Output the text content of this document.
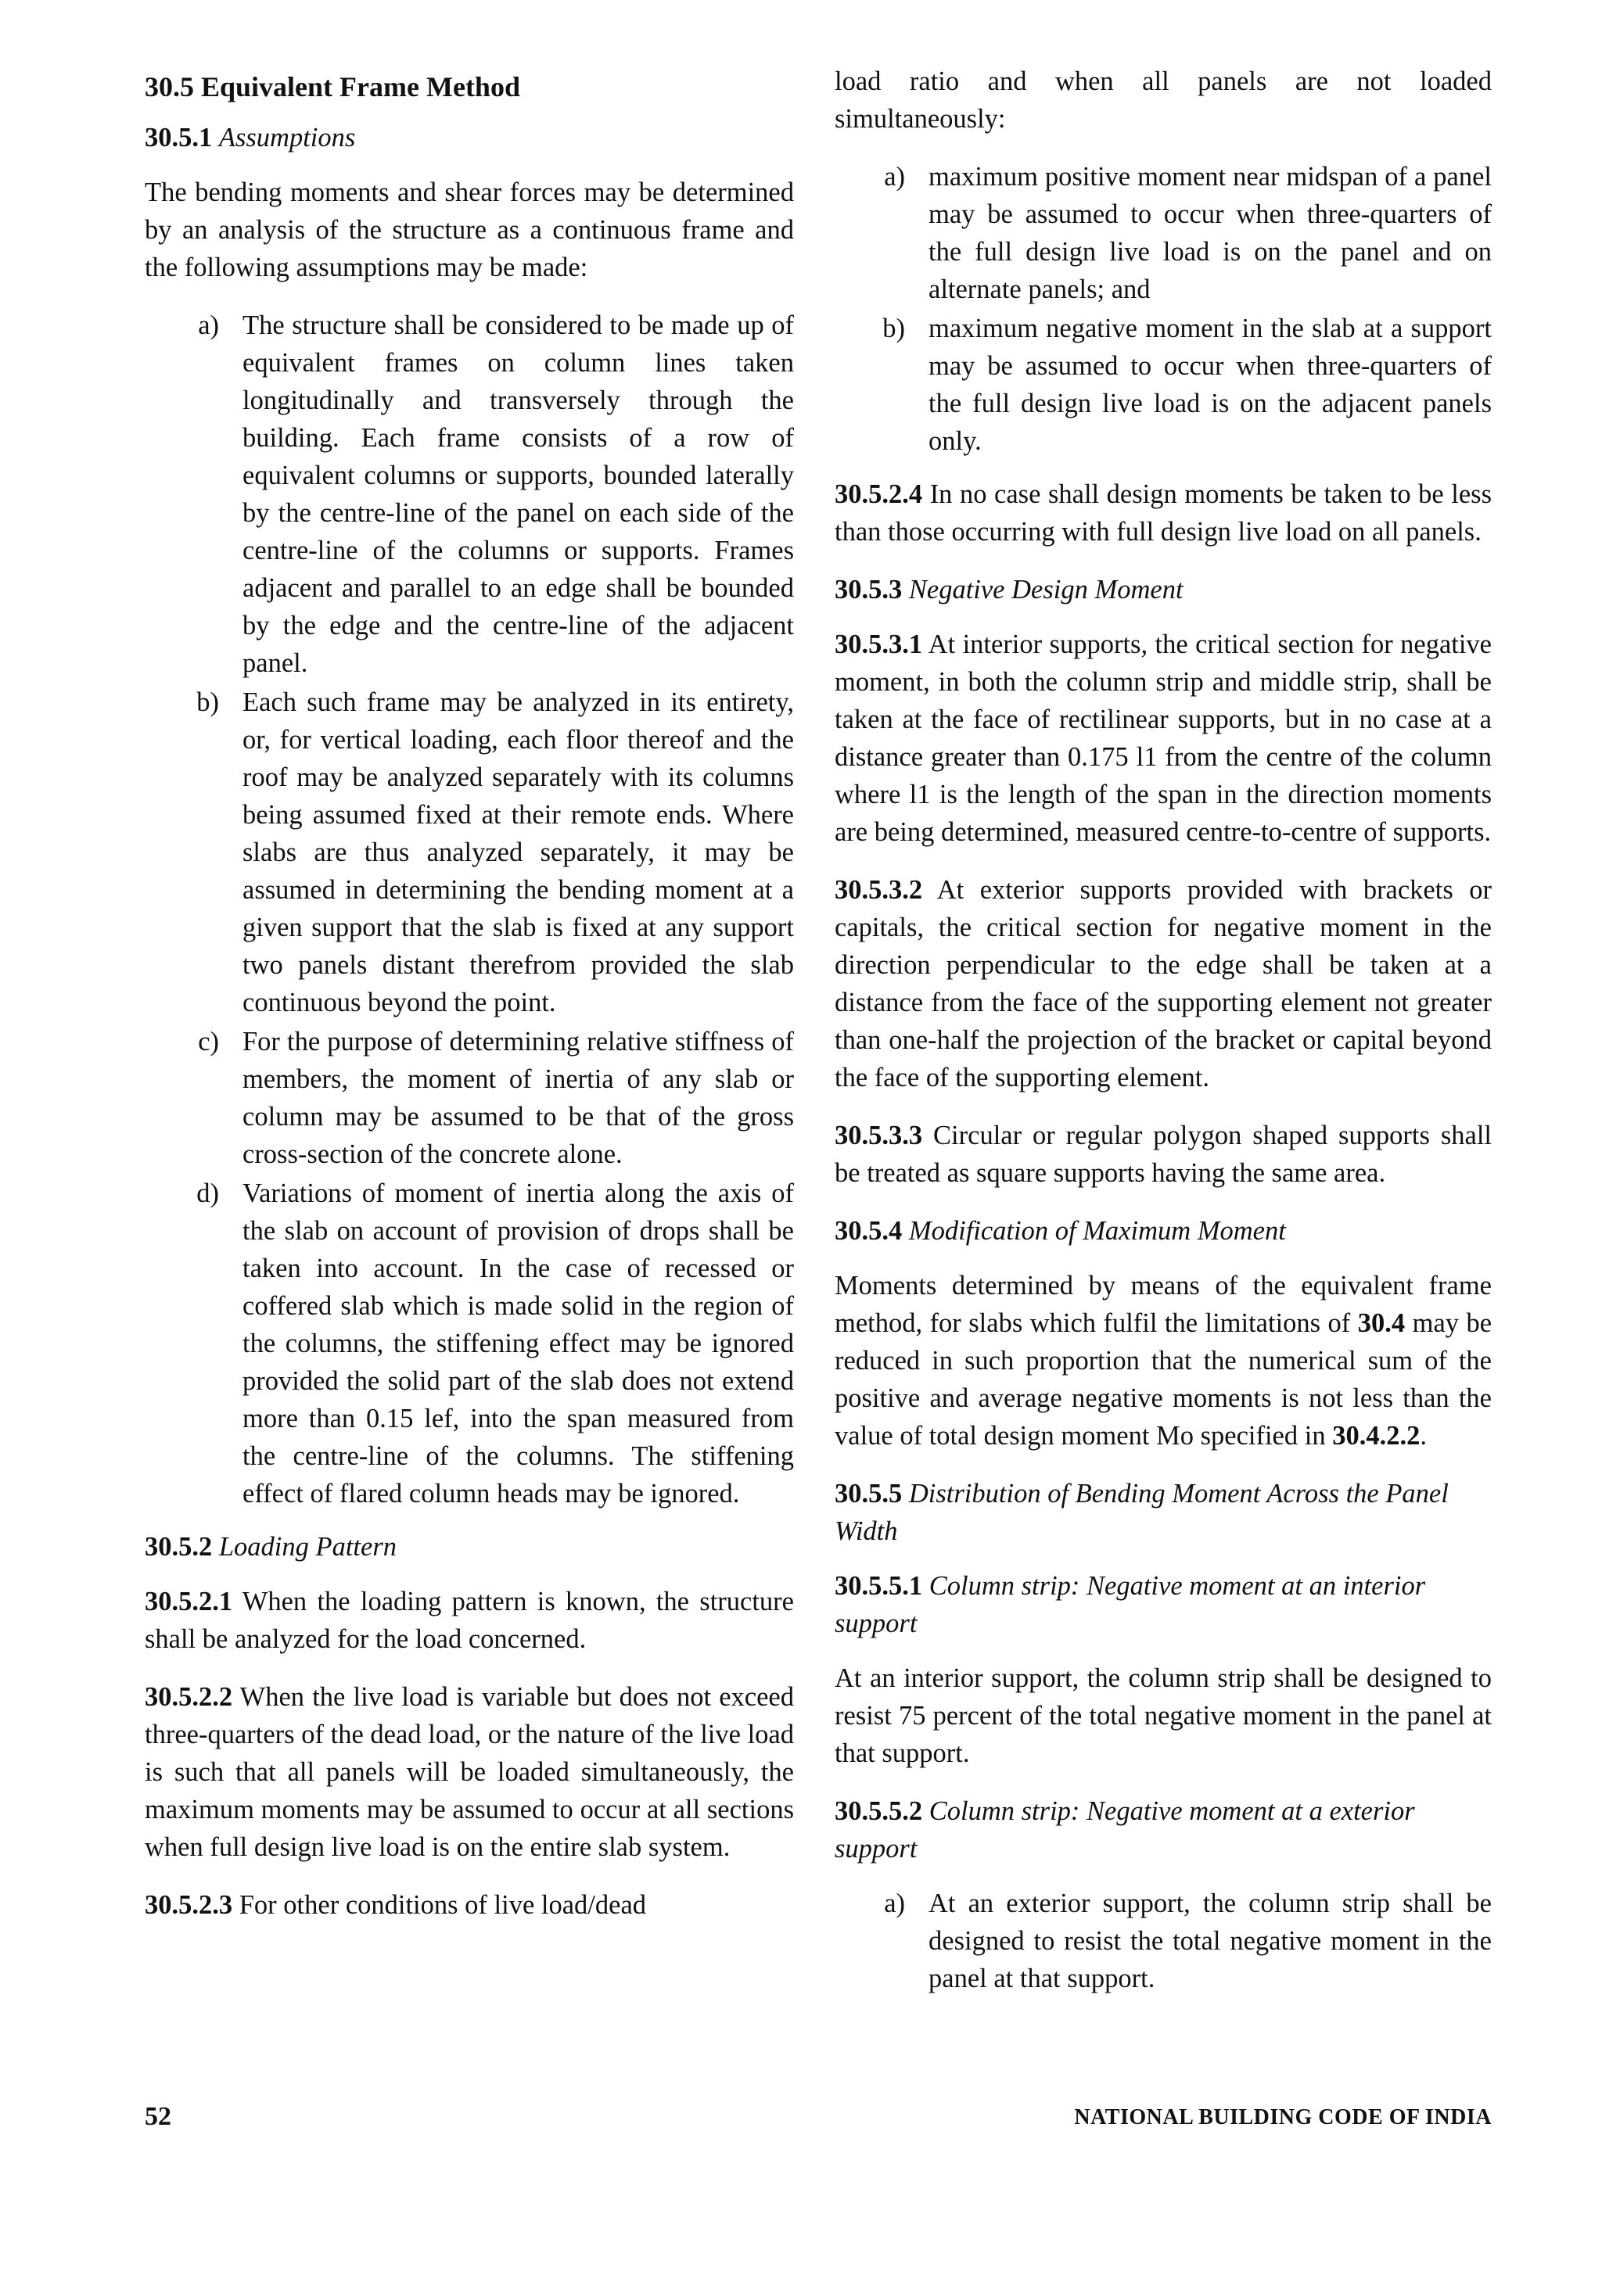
30.5 Equivalent Frame Method
30.5.1 Assumptions

The bending moments and shear forces may be determined by an analysis of the structure as a continuous frame and the following assumptions may be made:

a) The structure shall be considered to be made up of equivalent frames on column lines taken longitudinally and transversely through the building. Each frame consists of a row of equivalent columns or supports, bounded laterally by the centre-line of the panel on each side of the centre-line of the columns or supports. Frames adjacent and parallel to an edge shall be bounded by the edge and the centre-line of the adjacent panel.
b) Each such frame may be analyzed in its entirety, or, for vertical loading, each floor thereof and the roof may be analyzed separately with its columns being assumed fixed at their remote ends. Where slabs are thus analyzed separately, it may be assumed in determining the bending moment at a given support that the slab is fixed at any support two panels distant therefrom provided the slab continuous beyond the point.
c) For the purpose of determining relative stiffness of members, the moment of inertia of any slab or column may be assumed to be that of the gross cross-section of the concrete alone.
d) Variations of moment of inertia along the axis of the slab on account of provision of drops shall be taken into account. In the case of recessed or coffered slab which is made solid in the region of the columns, the stiffening effect may be ignored provided the solid part of the slab does not extend more than 0.15 lef, into the span measured from the centre-line of the columns. The stiffening effect of flared column heads may be ignored.
30.5.2 Loading Pattern

30.5.2.1 When the loading pattern is known, the structure shall be analyzed for the load concerned.

30.5.2.2 When the live load is variable but does not exceed three-quarters of the dead load, or the nature of the live load is such that all panels will be loaded simultaneously, the maximum moments may be assumed to occur at all sections when full design live load is on the entire slab system.

30.5.2.3 For other conditions of live load/dead

load ratio and when all panels are not loaded simultaneously:

a) maximum positive moment near midspan of a panel may be assumed to occur when three-quarters of the full design live load is on the panel and on alternate panels; and
b) maximum negative moment in the slab at a support may be assumed to occur when three-quarters of the full design live load is on the adjacent panels only.

30.5.2.4 In no case shall design moments be taken to be less than those occurring with full design live load on all panels.

30.5.3 Negative Design Moment

30.5.3.1 At interior supports, the critical section for negative moment, in both the column strip and middle strip, shall be taken at the face of rectilinear supports, but in no case at a distance greater than 0.175 l1 from the centre of the column where l1 is the length of the span in the direction moments are being determined, measured centre-to-centre of supports.

30.5.3.2 At exterior supports provided with brackets or capitals, the critical section for negative moment in the direction perpendicular to the edge shall be taken at a distance from the face of the supporting element not greater than one-half the projection of the bracket or capital beyond the face of the supporting element.

30.5.3.3 Circular or regular polygon shaped supports shall be treated as square supports having the same area.

30.5.4 Modification of Maximum Moment

Moments determined by means of the equivalent frame method, for slabs which fulfil the limitations of 30.4 may be reduced in such proportion that the numerical sum of the positive and average negative moments is not less than the value of total design moment Mo specified in 30.4.2.2.

30.5.5 Distribution of Bending Moment Across the Panel Width
30.5.5.1 Column strip: Negative moment at an interior support

At an interior support, the column strip shall be designed to resist 75 percent of the total negative moment in the panel at that support.

30.5.5.2 Column strip: Negative moment at a exterior support
a) At an exterior support, the column strip shall be designed to resist the total negative moment in the panel at that support.
52	NATIONAL BUILDING CODE OF INDIA
